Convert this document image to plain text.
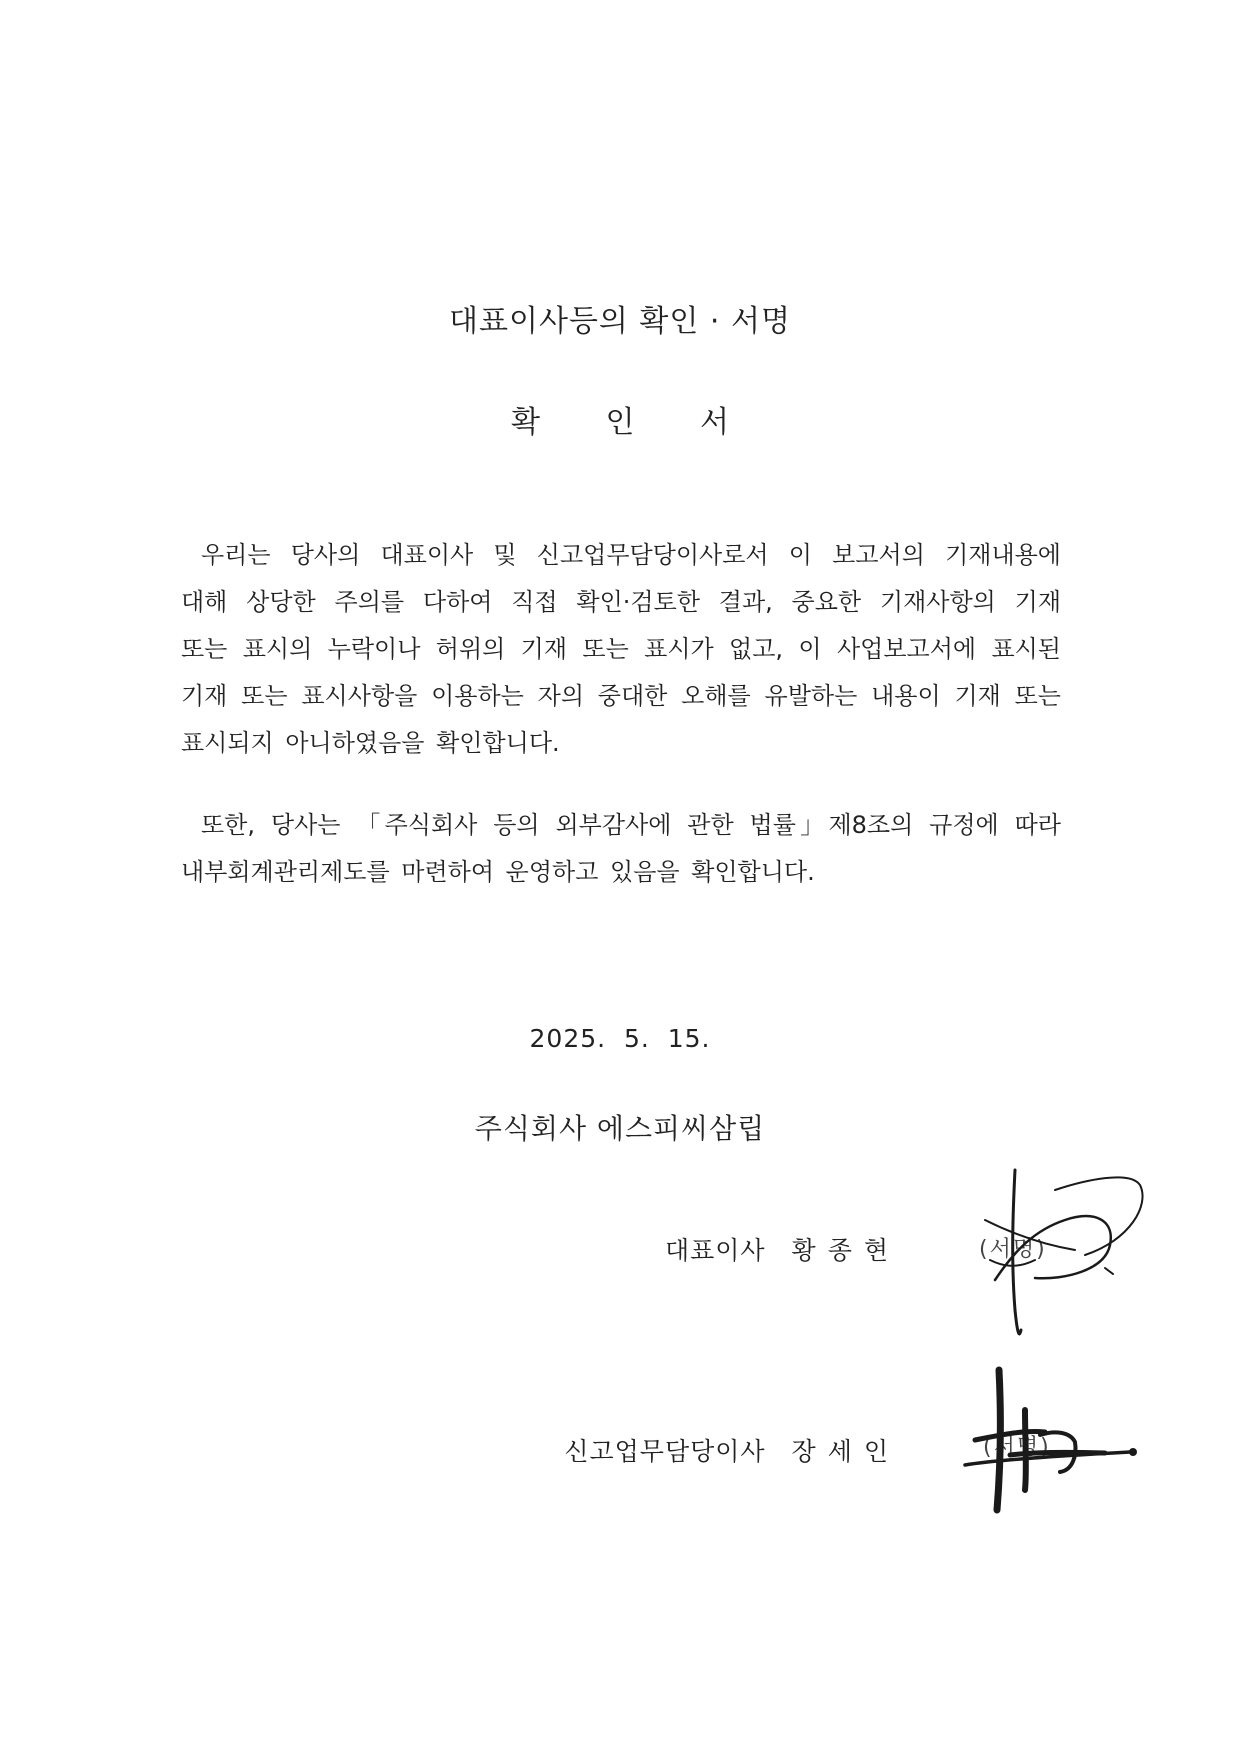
대표이사등의 확인 · 서명
확 인 서

우리는 당사의 대표이사 및 신고업무담당이사로서 이 보고서의 기재내용에
대해 상당한 주의를 다하여 직접 확인·검토한 결과, 중요한 기재사항의 기재
또는 표시의 누락이나 허위의 기재 또는 표시가 없고, 이 사업보고서에 표시된
기재 또는 표시사항을 이용하는 자의 중대한 오해를 유발하는 내용이 기재 또는
표시되지 아니하였음을 확인합니다.

또한, 당사는 「주식회사 등의 외부감사에 관한 법률」제8조의 규정에 따라
내부회계관리제도를 마련하여 운영하고 있음을 확인합니다.

2025.  5.  15.
주식회사 에스피씨삼립
대표이사 황종현	(서명)
신고업무담당이사 장세인	(서명)
